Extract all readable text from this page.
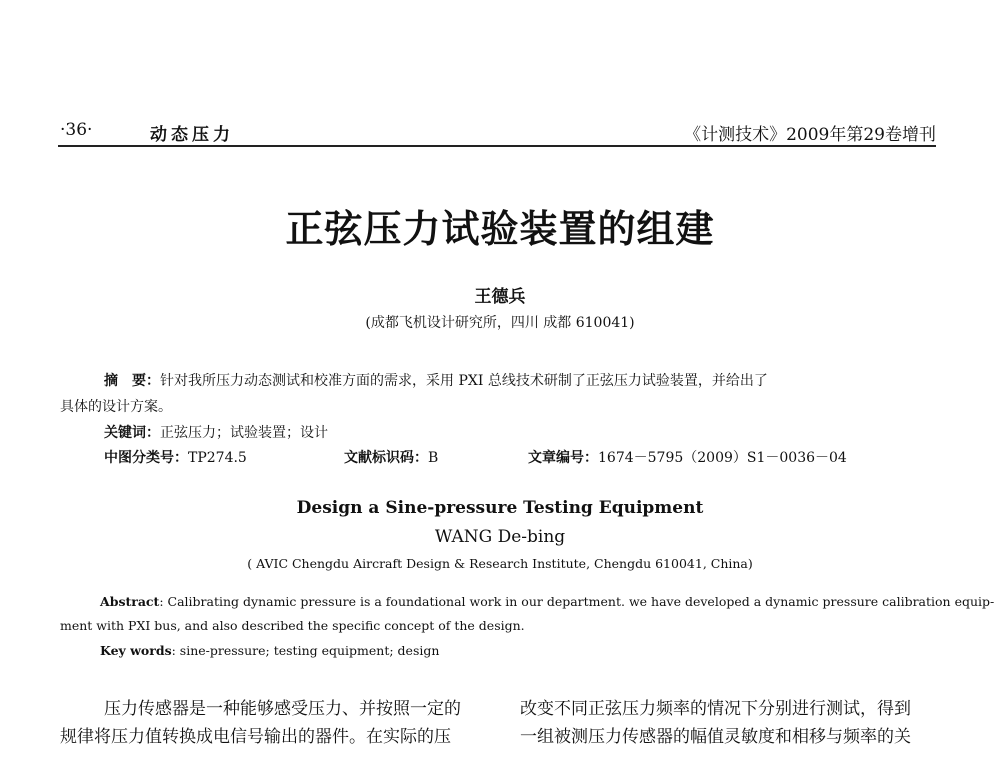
·36·	动态压力	《计测技术》2009年第29卷增刊
正弦压力试验装置的组建
王德兵
(成都飞机设计研究所，四川 成都 610041)
摘　要：针对我所压力动态测试和校准方面的需求，采用 PXI 总线技术研制了正弦压力试验装置，并给出了
具体的设计方案。
关键词：正弦压力；试验装置；设计
中图分类号：TP274.5	文献标识码：B	文章编号：1674－5795（2009）S1－0036－04
Design a Sine-pressure Testing Equipment
WANG De-bing
( AVIC Chengdu Aircraft Design & Research Institute, Chengdu 610041, China)
Abstract: Calibrating dynamic pressure is a foundational work in our department. we have developed a dynamic pressure calibration equip-
ment with PXI bus, and also described the specific concept of the design.
Key words: sine-pressure; testing equipment; design
压力传感器是一种能够感受压力、并按照一定的
规律将压力值转换成电信号输出的器件。在实际的压
改变不同正弦压力频率的情况下分别进行测试，得到
一组被测压力传感器的幅值灵敏度和相移与频率的关
